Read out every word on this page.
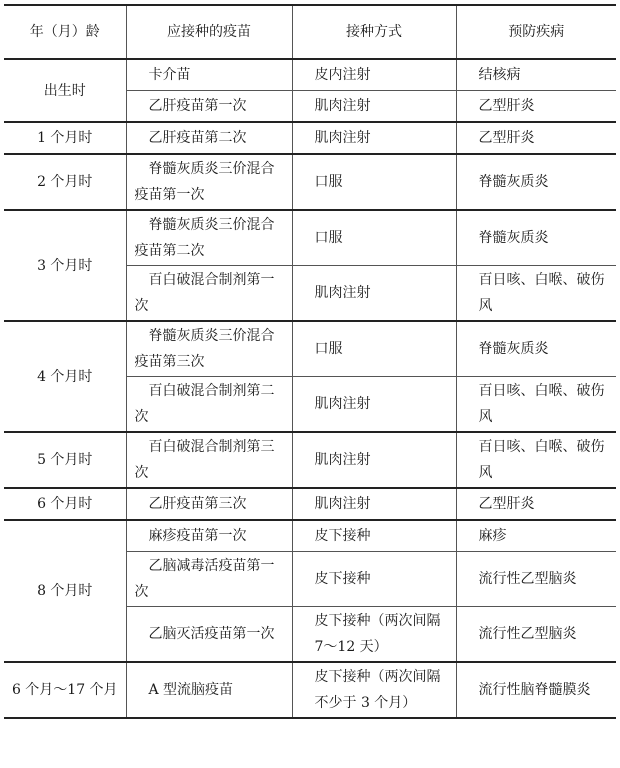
年（月）龄	应接种的疫苗	接种方式	预防疾病
出生时	卡介苗	皮内注射	结核病
	乙肝疫苗第一次	肌肉注射	乙型肝炎
1 个月时	乙肝疫苗第二次	肌肉注射	乙型肝炎
2 个月时	脊髓灰质炎三价混合疫苗第一次	口服	脊髓灰质炎
3 个月时	脊髓灰质炎三价混合疫苗第二次	口服	脊髓灰质炎
	百白破混合制剂第一次	肌肉注射	百日咳、白喉、破伤风
4 个月时	脊髓灰质炎三价混合疫苗第三次	口服	脊髓灰质炎
	百白破混合制剂第二次	肌肉注射	百日咳、白喉、破伤风
5 个月时	百白破混合制剂第三次	肌肉注射	百日咳、白喉、破伤风
6 个月时	乙肝疫苗第三次	肌肉注射	乙型肝炎
8 个月时	麻疹疫苗第一次	皮下接种	麻疹
	乙脑减毒活疫苗第一次	皮下接种	流行性乙型脑炎
	乙脑灭活疫苗第一次	皮下接种（两次间隔 7～12 天）	流行性乙型脑炎
6 个月～17 个月	A 型流脑疫苗	皮下接种（两次间隔不少于 3 个月）	流行性脑脊髓膜炎
